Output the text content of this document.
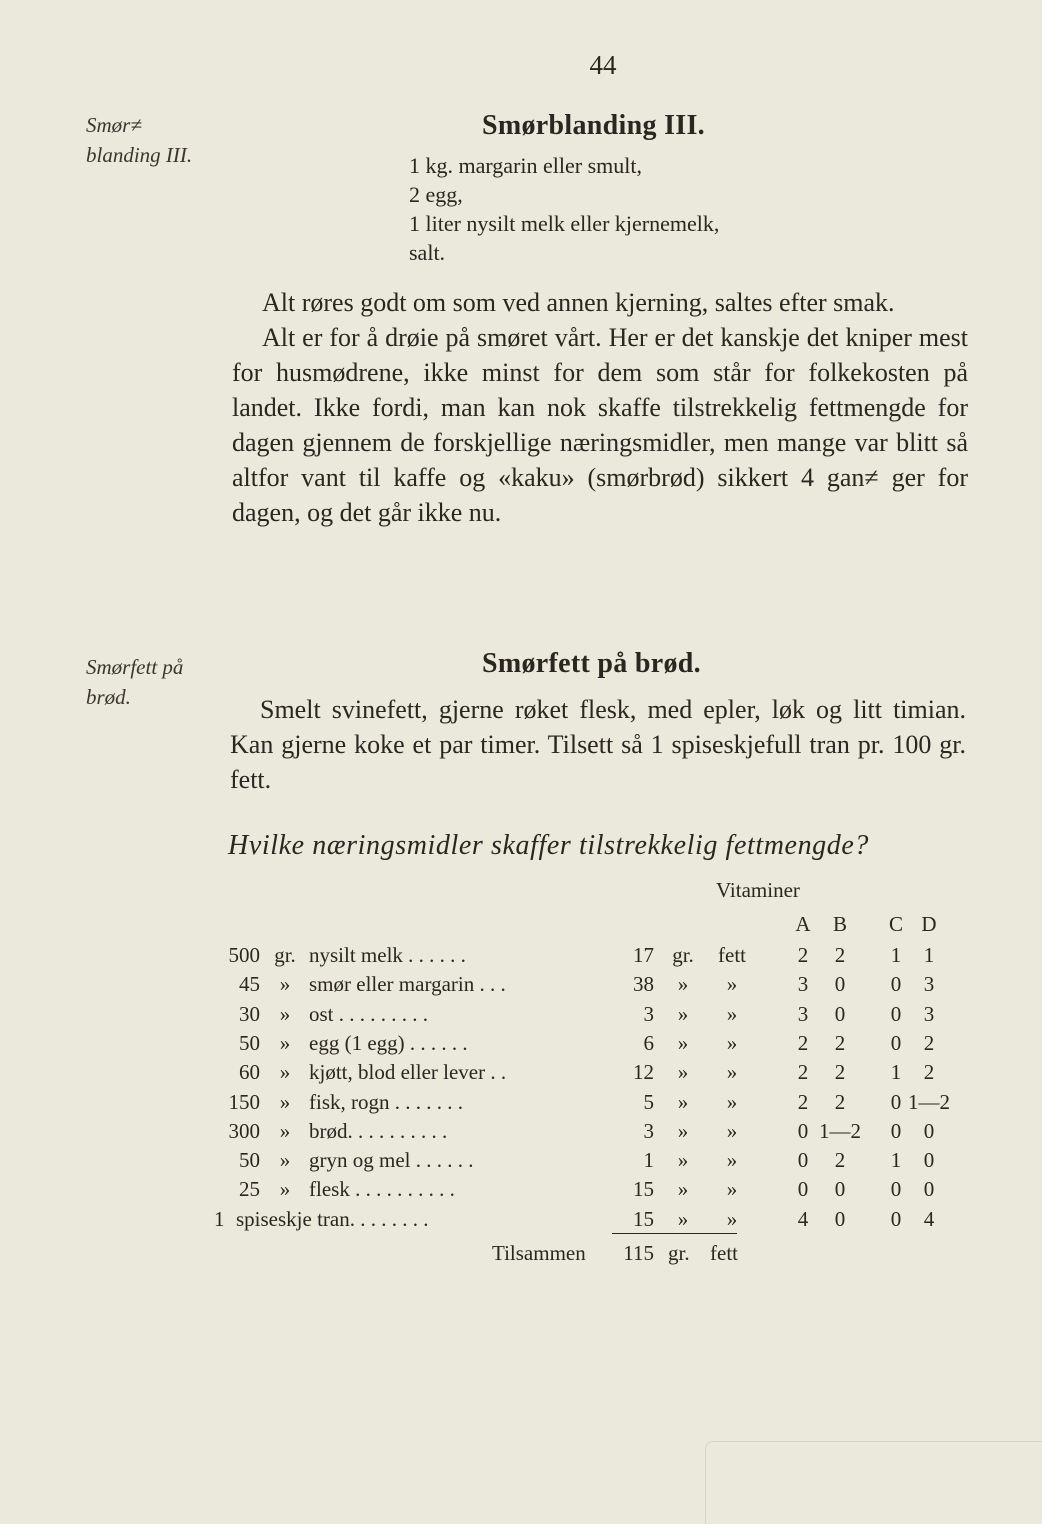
44
Smør≠
blanding III.
Smørblanding III.
1 kg. margarin eller smult,
2 egg,
1 liter nysilt melk eller kjernemelk,
salt.

Alt røres godt om som ved annen kjerning, saltes efter smak.

Alt er for å drøie på smøret vårt. Her er det kanskje det kniper mest for husmødrene, ikke minst for dem som står for folkekosten på landet. Ikke fordi, man kan nok skaffe tilstrekkelig fettmengde for dagen gjennem de forskjellige næringsmidler, men mange var blitt så altfor vant til kaffe og «kaku» (smørbrød) sikkert 4 gan≠ ger for dagen, og det går ikke nu.

Smørfett på
brød.
Smørfett på brød.

Smelt svinefett, gjerne røket flesk, med epler, løk og litt timian. Kan gjerne koke et par timer. Tilsett så 1 spiseskjefull tran pr. 100 gr. fett.

Hvilke næringsmidler skaffer tilstrekkelig fettmengde?
Vitaminer
A B C D
500 gr. nysilt melk . . . . . .	17 gr. fett	2	2	1	1
45 » smør eller margarin . . .	38	»	»	3	0	0	3
30 » ost . . . . . . . . .	3	»	»	3	0	0	3
50 » egg (1 egg) . . . . . .	6	»	»	2	2	0	2
60 » kjøtt, blod eller lever . .	12	»	»	2	2	1	2
150 » fisk, rogn . . . . . . .	5	»	»	2	2	0 1—2
300 » brød. . . . . . . . . .	3	»	»	0 1—2	0	0
50 » gryn og mel . . . . . .	1	»	»	0	2	1	0
25 » flesk . . . . . . . . . .	15	»	»	0	0	0	0
1 spiseskje tran. . . . . . . .	15	»	»	4	0	0	4
Tilsammen	115 gr. fett
